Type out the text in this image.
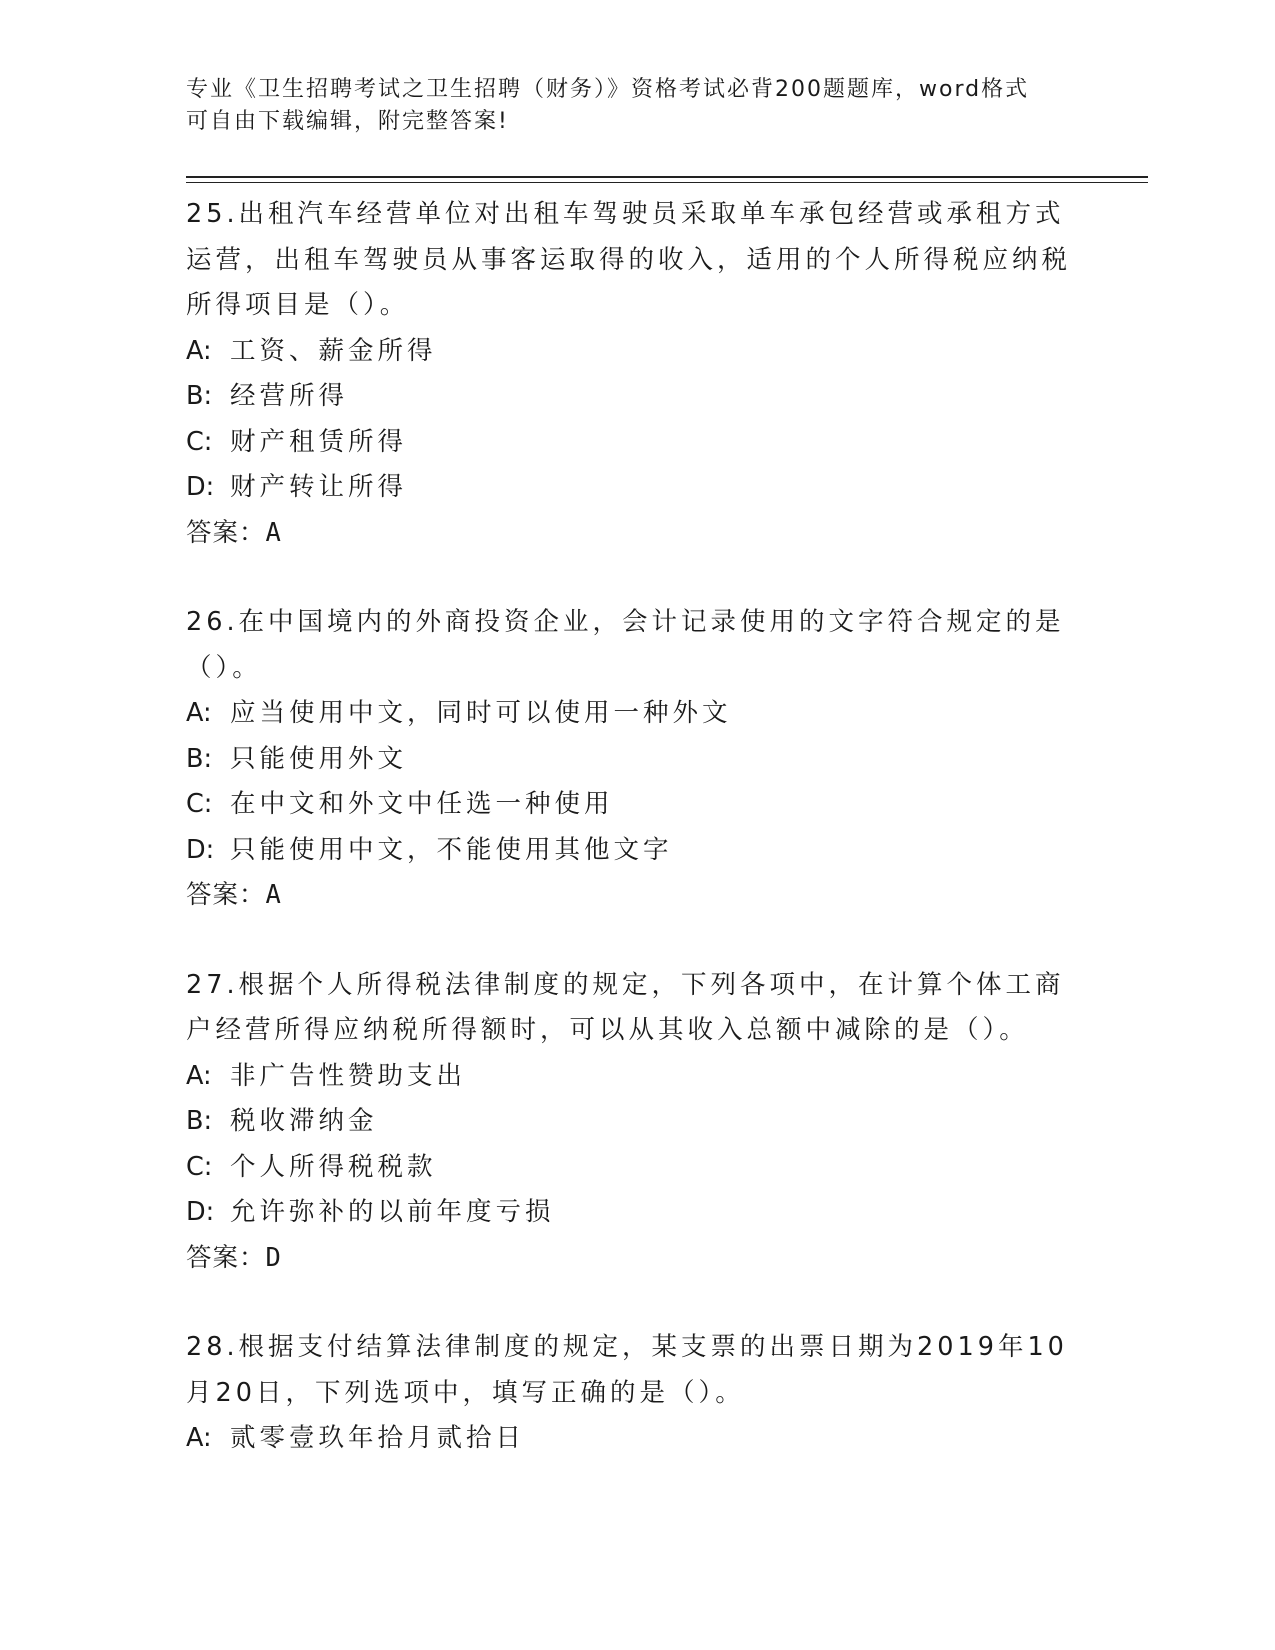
专业《卫生招聘考试之卫生招聘（财务）》资格考试必背200题题库，word格式
可自由下载编辑，附完整答案!

25.出租汽车经营单位对出租车驾驶员采取单车承包经营或承租方式运营，出租车驾驶员从事客运取得的收入，适用的个人所得税应纳税所得项目是（）。

A: 工资、薪金所得
B: 经营所得
C: 财产租赁所得
D: 财产转让所得
答案：A

26.在中国境内的外商投资企业，会计记录使用的文字符合规定的是（）。

A: 应当使用中文，同时可以使用一种外文
B: 只能使用外文
C: 在中文和外文中任选一种使用
D: 只能使用中文，不能使用其他文字
答案：A

27.根据个人所得税法律制度的规定，下列各项中，在计算个体工商户经营所得应纳税所得额时，可以从其收入总额中减除的是（）。

A: 非广告性赞助支出
B: 税收滞纳金
C: 个人所得税税款
D: 允许弥补的以前年度亏损
答案：D

28.根据支付结算法律制度的规定，某支票的出票日期为2019年10月20日，下列选项中，填写正确的是（）。

A: 贰零壹玖年拾月贰拾日
